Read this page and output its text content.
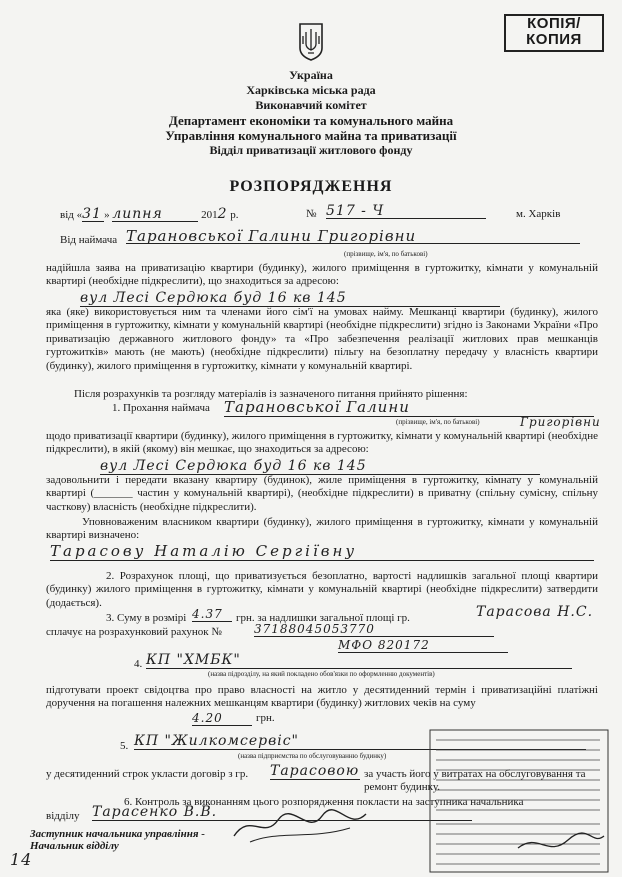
КОПІЯ/
КОПИЯ
Україна
Харківська міська рада
Виконавчий комітет
Департамент економіки та комунального майна
Управління комунального майна та приватизації
Відділ приватизації житлового фонду
РОЗПОРЯДЖЕННЯ
від «31 » липня	2012 р.	№ 517 - Ч	м. Харків
Від наймача Тарановської Галини Григорівни
(прізвище, ім'я, по батькові)
надійшла заява на приватизацію квартири (будинку), жилого приміщення в гуртожитку, кімнати у комунальній квартирі (необхідне підкреслити), що знаходиться за адресою:
вул Лесі Сердюка буд 16 кв 145
яка (яке) використовується ним та членами його сім'ї на умовах найму. Мешканці квартири (будинку), жилого приміщення в гуртожитку, кімнати у комунальній квартирі (необхідне підкреслити) згідно із Законами України «Про приватизацію державного житлового фонду» та «Про забезпечення реалізації житлових прав мешканців гуртожитків» мають (не мають) (необхідне підкреслити) пільгу на безоплатну передачу у власність квартири (будинку), жилого приміщення в гуртожитку, кімнати у комунальній квартирі.
Після розрахунків та розгляду матеріалів із зазначеного питання прийнято рішення:
1. Прохання наймача Тарановської Галини
Григорівни
(прізвище, ім'я, по батькові)
щодо приватизації квартири (будинку), жилого приміщення в гуртожитку, кімнати у комунальній квартирі (необхідне підкреслити), в якій (якому) він мешкає, що знаходиться за адресою:
вул Лесі Сердюка буд 16 кв 145
задовольнити і передати вказану квартиру (будинок), жиле приміщення в гуртожитку, кімнату у комунальній квартирі (_______ частин у комунальній квартирі), (необхідне підкреслити) в приватну (спільну сумісну, спільну часткову) власність (необхідне підкреслити).
Уповноваженим власником квартири (будинку), жилого приміщення в гуртожитку, кімнати у комунальній квартирі визначено:
Тарасову Наталію Сергіївну
2. Розрахунок площі, що приватизується безоплатно, вартості надлишків загальної площі квартири (будинку) жилого приміщення в гуртожитку, кімнати у комунальній квартирі (необхідне підкреслити) затвердити (додається).
3. Суму в розмірі 4.37	грн. за надлишки загальної площі гр.	Тарасова Н.С.
сплачує на розрахунковий рахунок №	37188045053770
МФО 820172
4. КП "ХМБК"
(назва підрозділу, на який покладено обов'язки по оформленню документів)
підготувати проект свідоцтва про право власності на житло у десятиденний термін і приватизаційні платіжні доручення на погашення належних мешканцям квартири (будинку) житлових чеків на суму
4.20	грн.
5. КП "Жилкомсервіс"
(назва підприємства по обслуговуванню будинку)
у десятиденний строк укласти договір з гр. Тарасовою за участь його у витратах на обслуговування та ремонт будинку.
6. Контроль за виконанням цього розпорядження покласти на заступника начальника
відділу Тарасенко В.В.
Заступник начальника управління -
Начальник відділу
14
